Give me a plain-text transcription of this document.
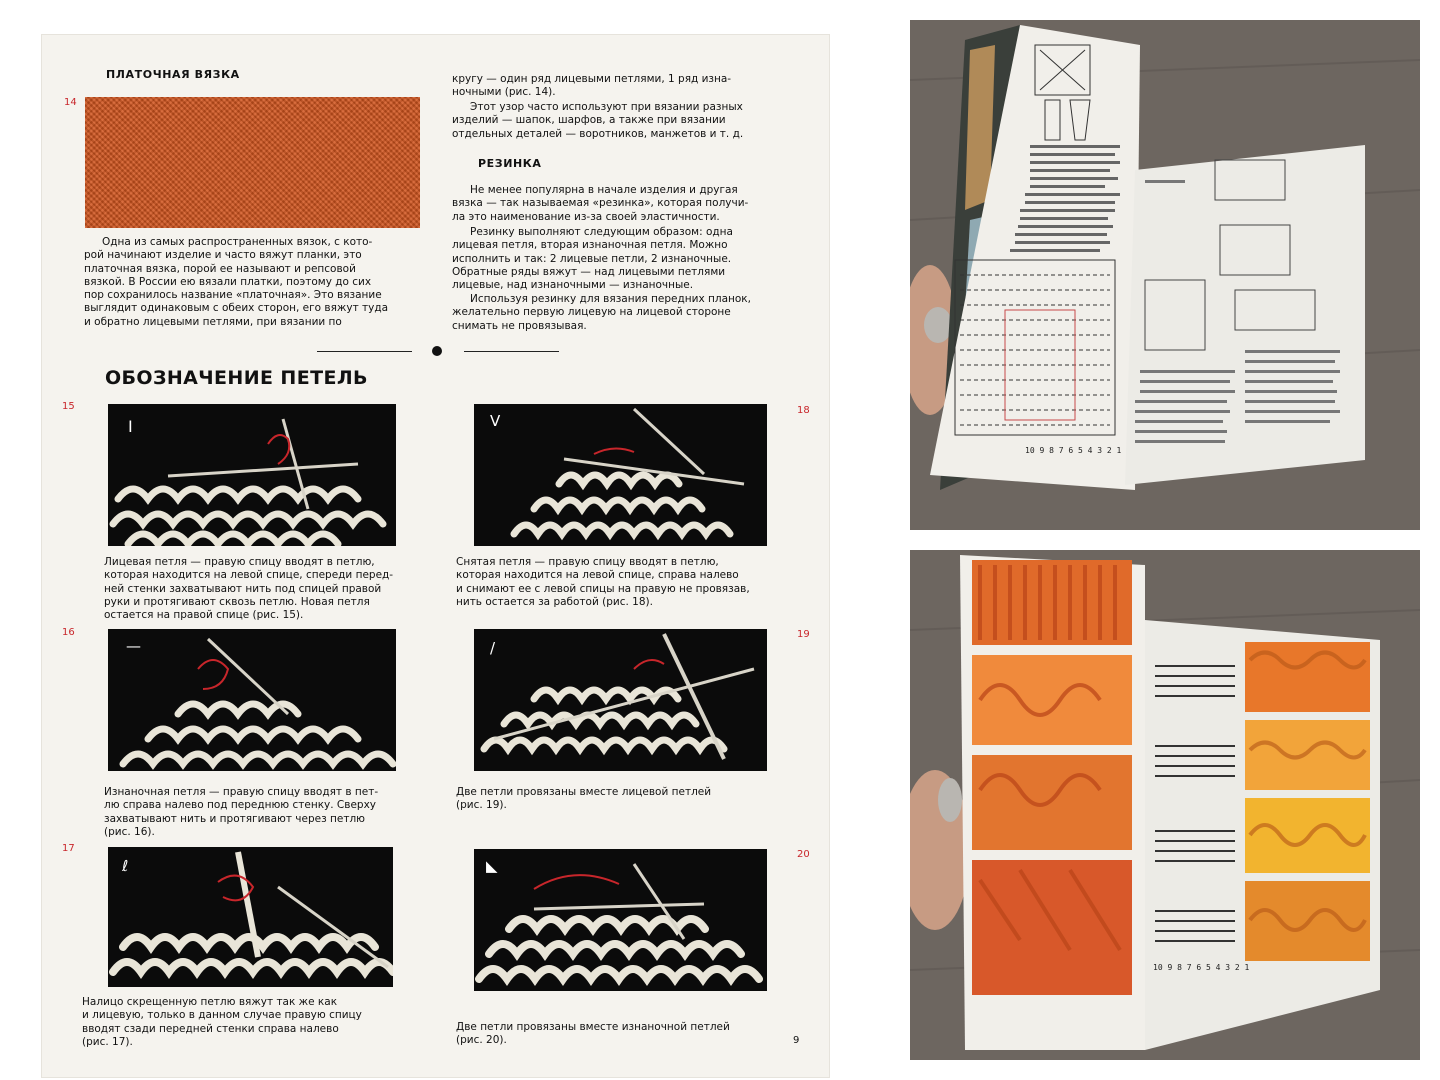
ПЛАТОЧНАЯ ВЯЗКА
14
Одна из самых распространенных вязок, с кото-
рой начинают изделие и часто вяжут планки, это
платочная вязка, порой ее называют и репсовой
вязкой. В России ею вязали платки, поэтому до сих
пор сохранилось название «платочная». Это вязание
выглядит одинаковым с обеих сторон, его вяжут туда
и обратно лицевыми петлями, при вязании по
кругу — один ряд лицевыми петлями, 1 ряд изна-
ночными (рис. 14).
Этот узор часто используют при вязании разных
изделий — шапок, шарфов, а также при вязании
отдельных деталей — воротников, манжетов и т. д.
РЕЗИНКА
Не менее популярна в начале изделия и другая
вязка — так называемая «резинка», которая получи-
ла это наименование из-за своей эластичности.
Резинку выполняют следующим образом: одна
лицевая петля, вторая изнаночная петля. Можно
исполнить и так: 2 лицевые петли, 2 изнаночные.
Обратные ряды вяжут — над лицевыми петлями
лицевые, над изнаночными — изнаночные.
Используя резинку для вязания передних планок,
желательно первую лицевую на лицевой стороне
снимать не провязывая.
ОБОЗНАЧЕНИЕ ПЕТЕЛЬ
15
I
Лицевая петля — правую спицу вводят в петлю,
которая находится на левой спице, спереди перед-
ней стенки захватывают нить под спицей правой
руки и протягивают сквозь петлю. Новая петля
остается на правой спице (рис. 15).
18
V
Снятая петля — правую спицу вводят в петлю,
которая находится на левой спице, справа налево
и снимают ее с левой спицы на правую не провязав,
нить остается за работой (рис. 18).
16
—
Изнаночная петля — правую спицу вводят в пет-
лю справа налево под переднюю стенку. Сверху
захватывают нить и протягивают через петлю
(рис. 16).
19
/
Две петли провязаны вместе лицевой петлей
(рис. 19).
17
ℓ
Налицо скрещенную петлю вяжут так же как
и лицевую, только в данном случае правую спицу
вводят сзади передней стенки справа налево
(рис. 17).
20
◣
Две петли провязаны вместе изнаночной петлей
(рис. 20).	9
10 9 8 7 6 5 4 3 2 1
10 9 8 7 6 5 4 3 2 1
